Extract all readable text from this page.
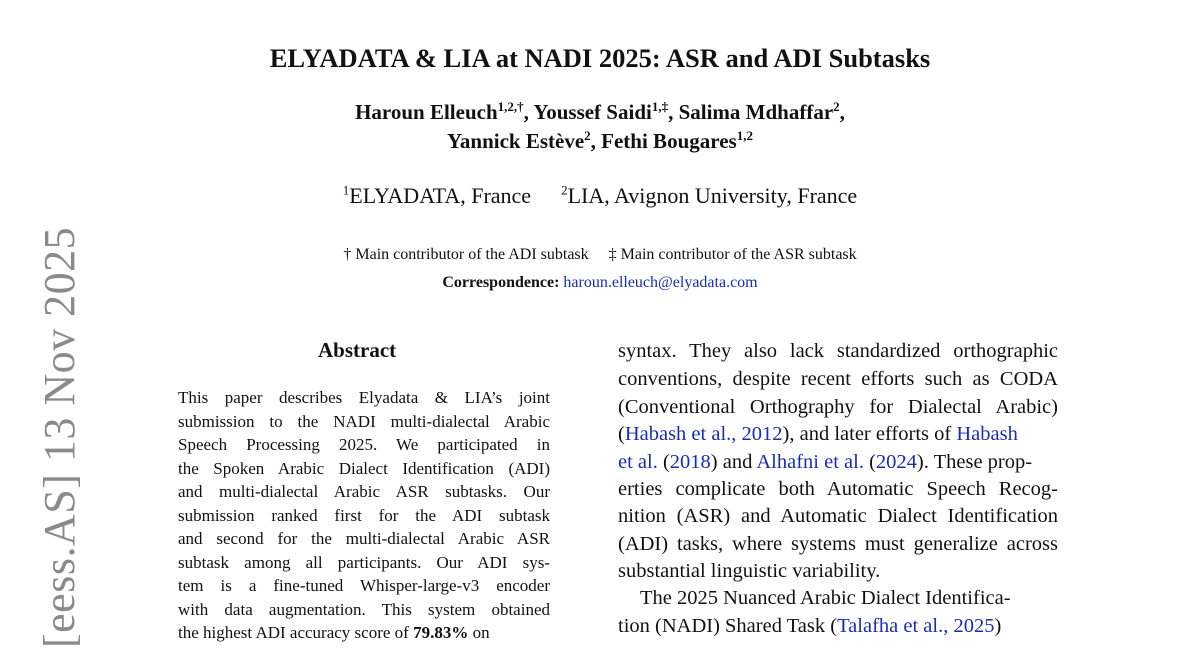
[eess.AS] 13 Nov 2025
ELYADATA & LIA at NADI 2025: ASR and ADI Subtasks
Haroun Elleuch$^{1,2,\dagger}$, Youssef Saidi$^{1,\ddagger}$, Salima Mdhaffar$^2$,
Yannick Estève$^2$, Fethi Bougares$^{1,2}$
$^1$ELYADATA, France $^2$LIA, Avignon University, France
† Main contributor of the ADI subtask ‡ Main contributor of the ASR subtask
Correspondence: haroun.elleuch@elyadata.com
Abstract
This paper describes Elyadata & LIA’s joint
submission to the NADI multi-dialectal Arabic
Speech Processing 2025. We participated in
the Spoken Arabic Dialect Identification (ADI)
and multi-dialectal Arabic ASR subtasks. Our
submission ranked first for the ADI subtask
and second for the multi-dialectal Arabic ASR
subtask among all participants. Our ADI sys-
tem is a fine-tuned Whisper-large-v3 encoder
with data augmentation. This system obtained
the highest ADI accuracy score of 79.83% on
syntax. They also lack standardized orthographic
conventions, despite recent efforts such as CODA
(Conventional Orthography for Dialectal Arabic)
(Habash et al., 2012), and later efforts of Habash
et al. (2018) and Alhafni et al. (2024). These prop-
erties complicate both Automatic Speech Recog-
nition (ASR) and Automatic Dialect Identification
(ADI) tasks, where systems must generalize across
substantial linguistic variability.
The 2025 Nuanced Arabic Dialect Identifica-
tion (NADI) Shared Task (Talafha et al., 2025)
